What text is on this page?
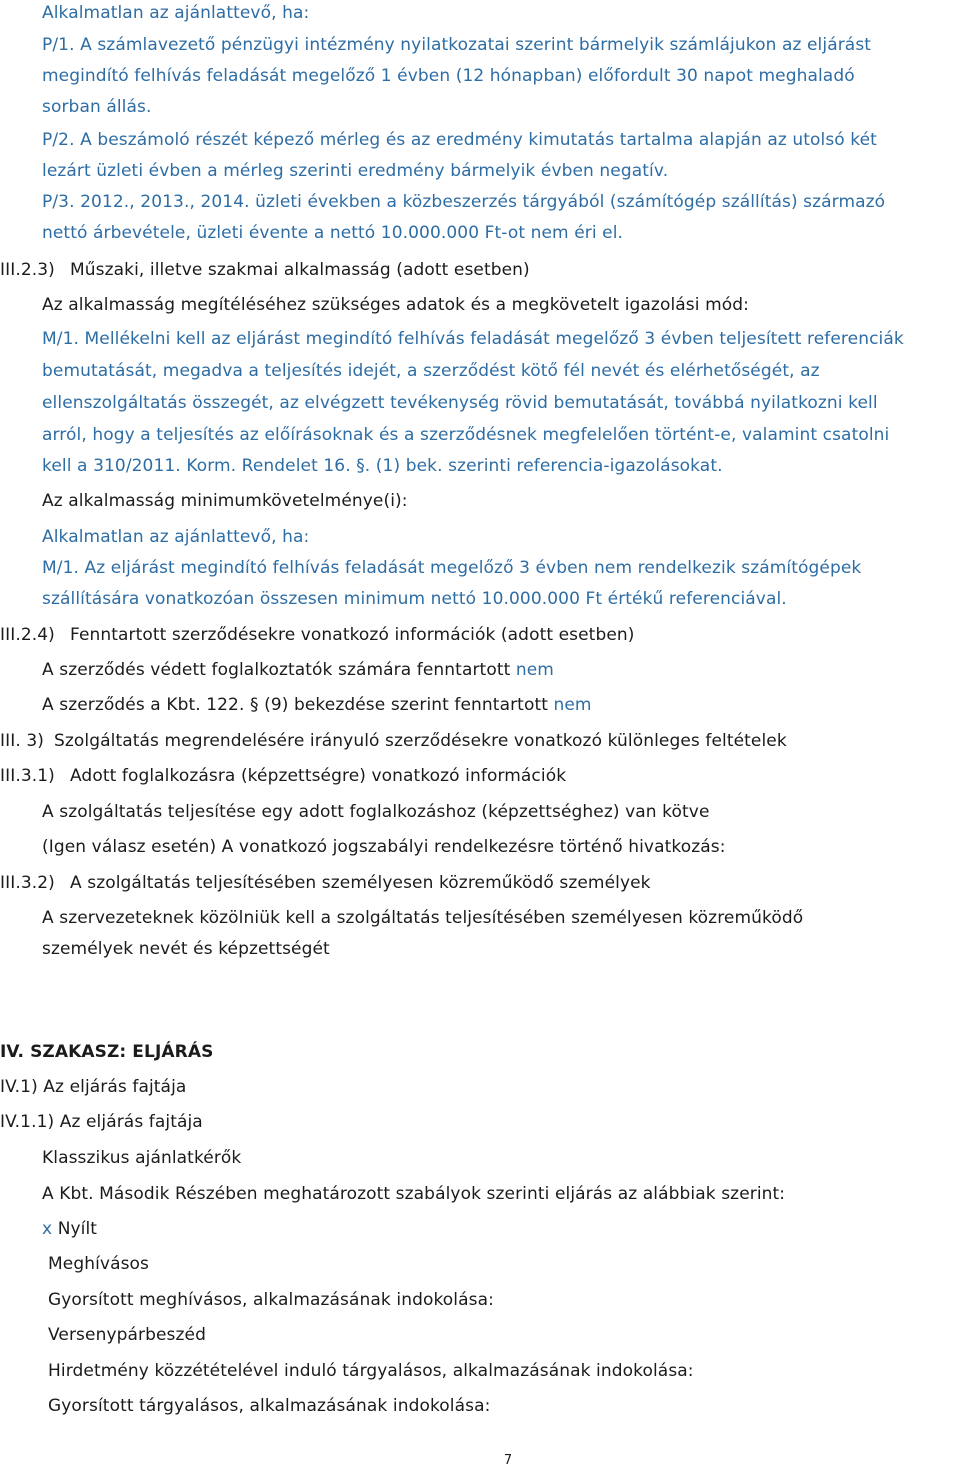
Alkalmatlan az ajánlattevő, ha:
P/1. A számlavezető pénzügyi intézmény nyilatkozatai szerint bármelyik számlájukon az eljárást
megindító felhívás feladását megelőző 1 évben (12 hónapban) előfordult 30 napot meghaladó
sorban állás.
P/2. A beszámoló részét képező mérleg és az eredmény kimutatás tartalma alapján az utolsó két
lezárt üzleti évben a mérleg szerinti eredmény bármelyik évben negatív.
P/3. 2012., 2013., 2014. üzleti években a közbeszerzés tárgyából (számítógép szállítás) származó
nettó árbevétele, üzleti évente a nettó 10.000.000 Ft-ot nem éri el.
III.2.3) Műszaki, illetve szakmai alkalmasság (adott esetben)
Az alkalmasság megítéléséhez szükséges adatok és a megkövetelt igazolási mód:
M/1. Mellékelni kell az eljárást megindító felhívás feladását megelőző 3 évben teljesített referenciák
bemutatását, megadva a teljesítés idejét, a szerződést kötő fél nevét és elérhetőségét, az
ellenszolgáltatás összegét, az elvégzett tevékenység rövid bemutatását, továbbá nyilatkozni kell
arról, hogy a teljesítés az előírásoknak és a szerződésnek megfelelően történt-e, valamint csatolni
kell a 310/2011. Korm. Rendelet 16. §. (1) bek. szerinti referencia-igazolásokat.
Az alkalmasság minimumkövetelménye(i):
Alkalmatlan az ajánlattevő, ha:
M/1. Az eljárást megindító felhívás feladását megelőző 3 évben nem rendelkezik számítógépek
szállítására vonatkozóan összesen minimum nettó 10.000.000 Ft értékű referenciával.
III.2.4) Fenntartott szerződésekre vonatkozó információk (adott esetben)
A szerződés védett foglalkoztatók számára fenntartott nem
A szerződés a Kbt. 122. § (9) bekezdése szerint fenntartott nem
III. 3) Szolgáltatás megrendelésére irányuló szerződésekre vonatkozó különleges feltételek
III.3.1) Adott foglalkozásra (képzettségre) vonatkozó információk
A szolgáltatás teljesítése egy adott foglalkozáshoz (képzettséghez) van kötve
(Igen válasz esetén) A vonatkozó jogszabályi rendelkezésre történő hivatkozás:
III.3.2) A szolgáltatás teljesítésében személyesen közreműködő személyek
A szervezeteknek közölniük kell a szolgáltatás teljesítésében személyesen közreműködő
személyek nevét és képzettségét
IV. SZAKASZ: ELJÁRÁS
IV.1) Az eljárás fajtája
IV.1.1) Az eljárás fajtája
Klasszikus ajánlatkérők
A Kbt. Második Részében meghatározott szabályok szerinti eljárás az alábbiak szerint:
x Nyílt
Meghívásos
Gyorsított meghívásos, alkalmazásának indokolása:
Versenypárbeszéd
Hirdetmény közzétételével induló tárgyalásos, alkalmazásának indokolása:
Gyorsított tárgyalásos, alkalmazásának indokolása:
7
